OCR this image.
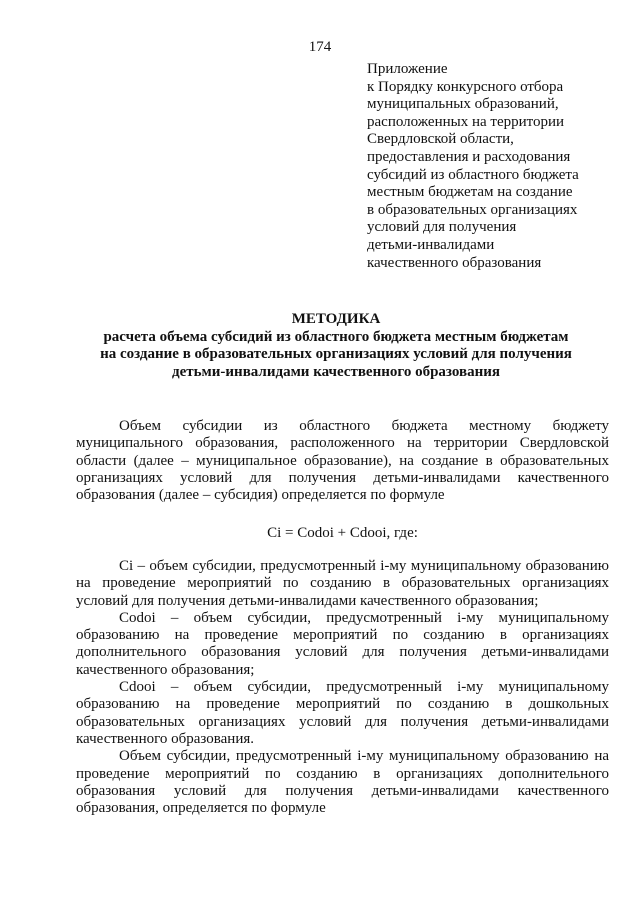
174
Приложение
к Порядку конкурсного отбора
муниципальных образований,
расположенных на территории
Свердловской области,
предоставления и расходования
субсидий из областного бюджета
местным бюджетам на создание
в образовательных организациях
условий для получения
детьми-инвалидами
качественного образования
МЕТОДИКА
расчета объема субсидий из областного бюджета местным бюджетам
на создание в образовательных организациях условий для получения
детьми-инвалидами качественного образования

Объем субсидии из областного бюджета местному бюджету муниципального образования, расположенного на территории Свердловской области (далее – муниципальное образование), на создание в образовательных организациях условий для получения детьми-инвалидами качественного образования (далее – субсидия) определяется по формуле

Ci = Codoi + Cdooi, где:

Ci – объем субсидии, предусмотренный i-му муниципальному образованию на проведение мероприятий по созданию в образовательных организациях условий для получения детьми-инвалидами качественного образования;

Codoi – объем субсидии, предусмотренный i-му муниципальному образованию на проведение мероприятий по созданию в организациях дополнительного образования условий для получения детьми-инвалидами качественного образования;

Cdooi – объем субсидии, предусмотренный i-му муниципальному образованию на проведение мероприятий по созданию в дошкольных образовательных организациях условий для получения детьми-инвалидами качественного образования.

Объем субсидии, предусмотренный i-му муниципальному образованию на проведение мероприятий по созданию в организациях дополнительного образования условий для получения детьми-инвалидами качественного образования, определяется по формуле
